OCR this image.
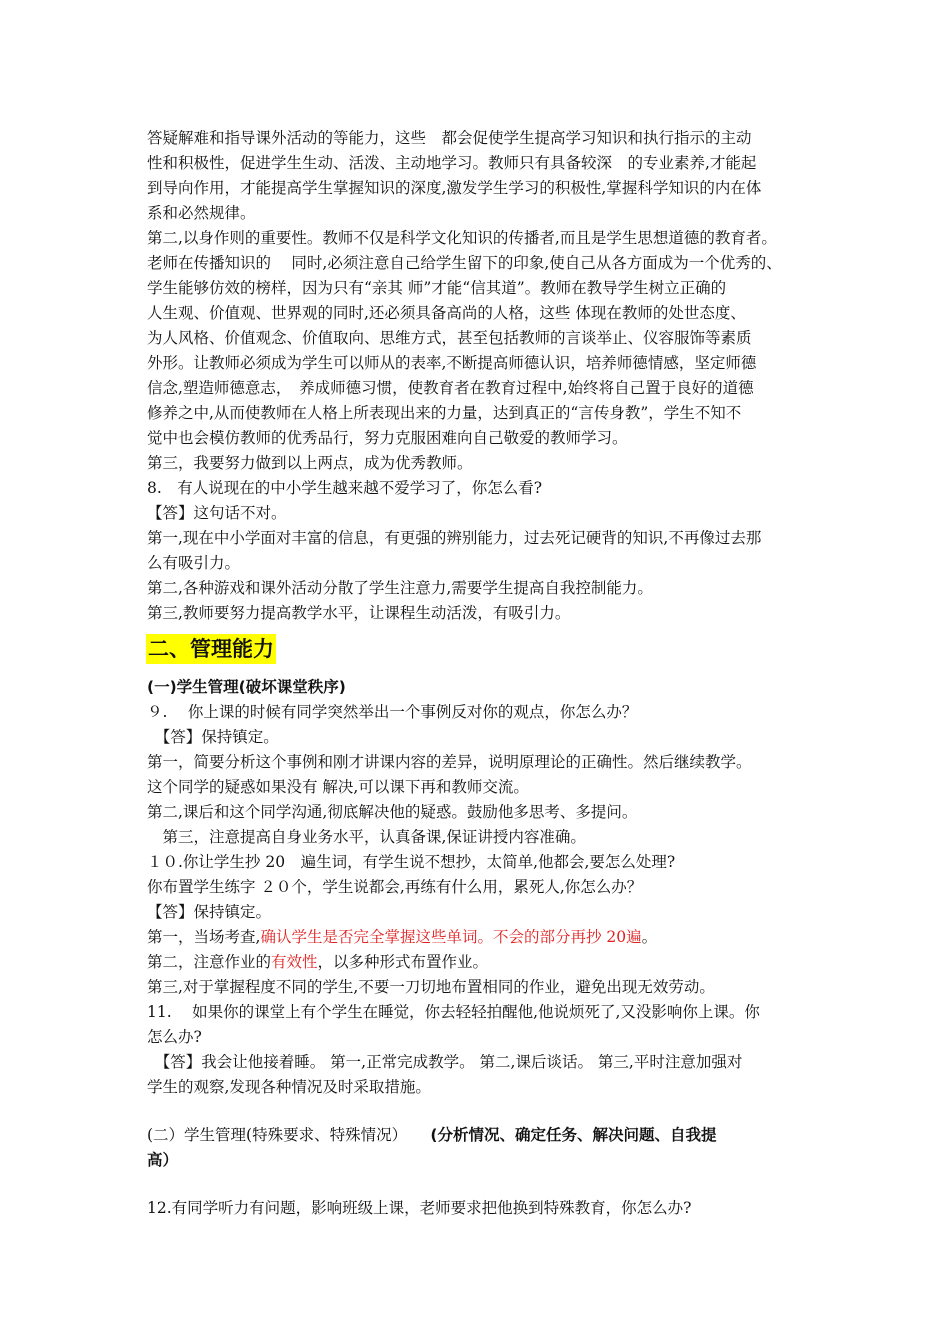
答疑解难和指导课外活动的等能力，这些　都会促使学生提高学习知识和执行指示的主动
性和积极性，促进学生生动、活泼、主动地学习。教师只有具备较深　的专业素养,才能起
到导向作用，才能提高学生掌握知识的深度,激发学生学习的积极性,掌握科学知识的内在体
系和必然规律。
第二,以身作则的重要性。教师不仅是科学文化知识的传播者,而且是学生思想道德的教育者。
老师在传播知识的　 同时,必须注意自己给学生留下的印象,使自己从各方面成为一个优秀的、
学生能够仿效的榜样，因为只有“亲其 师”才能“信其道”。教师在教导学生树立正确的
人生观、价值观、世界观的同时,还必须具备高尚的人格，这些 体现在教师的处世态度、
为人风格、价值观念、价值取向、思维方式，甚至包括教师的言谈举止、仪容服饰等素质
外形。让教师必须成为学生可以师从的表率,不断提高师德认识，培养师德情感，坚定师德
信念,塑造师德意志，　养成师德习惯，使教育者在教育过程中,始终将自己置于良好的道德
修养之中,从而使教师在人格上所表现出来的力量，达到真正的“言传身教”，学生不知不
觉中也会模仿教师的优秀品行，努力克服困难向自己敬爱的教师学习。
第三，我要努力做到以上两点，成为优秀教师。
8.　有人说现在的中小学生越来越不爱学习了，你怎么看?
【答】这句话不对。
第一,现在中小学面对丰富的信息，有更强的辨别能力，过去死记硬背的知识,不再像过去那
么有吸引力。
第二,各种游戏和课外活动分散了学生注意力,需要学生提高自我控制能力。
第三,教师要努力提高教学水平，让课程生动活泼，有吸引力。
二、管理能力
(一)学生管理(破坏课堂秩序)
９.　 你上课的时候有同学突然举出一个事例反对你的观点，你怎么办？
　【答】保持镇定。
第一，简要分析这个事例和刚才讲课内容的差异，说明原理论的正确性。然后继续教学。
这个同学的疑惑如果没有 解决,可以课下再和教师交流。
第二,课后和这个同学沟通,彻底解决他的疑惑。鼓励他多思考、多提问。
　第三，注意提高自身业务水平，认真备课,保证讲授内容准确。
１０.你让学生抄 20　遍生词，有学生说不想抄，太简单,他都会,要怎么处理?
你布置学生练字 ２０个，学生说都会,再练有什么用，累死人,你怎么办？
【答】保持镇定。
第一，当场考查,确认学生是否完全掌握这些单词。不会的部分再抄 20遍。
第二，注意作业的有效性，以多种形式布置作业。
第三,对于掌握程度不同的学生,不要一刀切地布置相同的作业，避免出现无效劳动。
11.　 如果你的课堂上有个学生在睡觉，你去轻轻拍醒他,他说烦死了,又没影响你上课。你
怎么办?
　【答】我会让他接着睡。 第一,正常完成教学。 第二,课后谈话。 第三,平时注意加强对
学生的观察,发现各种情况及时采取措施。
(二）学生管理(特殊要求、特殊情况）　　(分析情况、确定任务、解决问题、自我提
高）
12.有同学听力有问题，影响班级上课，老师要求把他换到特殊教育，你怎么办?
